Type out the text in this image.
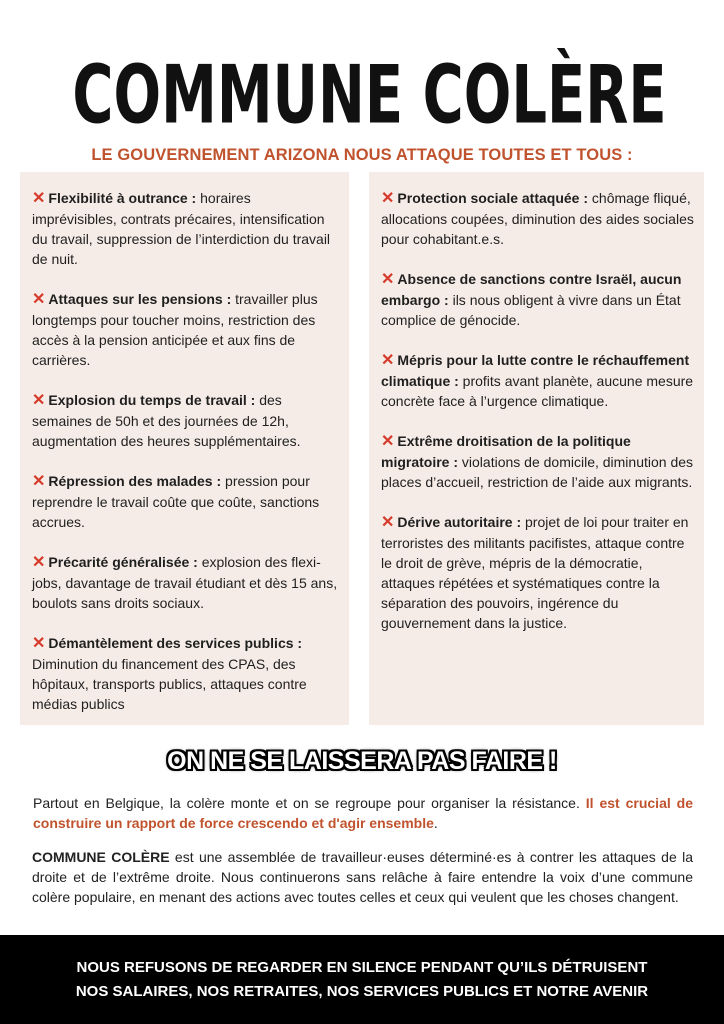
COMMUNE COLÈRE
LE GOUVERNEMENT ARIZONA NOUS ATTAQUE TOUTES ET TOUS :
✕ Flexibilité à outrance : horaires imprévisibles, contrats précaires, intensification du travail, suppression de l’interdiction du travail de nuit.
✕ Attaques sur les pensions : travailler plus longtemps pour toucher moins, restriction des accès à la pension anticipée et aux fins de carrières.
✕ Explosion du temps de travail : des semaines de 50h et des journées de 12h, augmentation des heures supplémentaires.
✕ Répression des malades : pression pour reprendre le travail coûte que coûte, sanctions accrues.
✕ Précarité généralisée : explosion des flexi-jobs, davantage de travail étudiant et dès 15 ans, boulots sans droits sociaux.
✕ Démantèlement des services publics : Diminution du financement des CPAS, des hôpitaux, transports publics, attaques contre médias publics
✕ Protection sociale attaquée : chômage fliqué, allocations coupées, diminution des aides sociales pour cohabitant.e.s.
✕ Absence de sanctions contre Israël, aucun embargo : ils nous obligent à vivre dans un État complice de génocide.
✕ Mépris pour la lutte contre le réchauffement climatique : profits avant planète, aucune mesure concrète face à l’urgence climatique.
✕ Extrême droitisation de la politique migratoire : violations de domicile, diminution des places d’accueil, restriction de l’aide aux migrants.
✕ Dérive autoritaire : projet de loi pour traiter en terroristes des militants pacifistes, attaque contre le droit de grève, mépris de la démocratie, attaques répétées et systématiques contre la séparation des pouvoirs, ingérence du gouvernement dans la justice.
ON NE SE LAISSERA PAS FAIRE !
Partout en Belgique, la colère monte et on se regroupe pour organiser la résistance. Il est crucial de construire un rapport de force crescendo et d'agir ensemble.
COMMUNE COLÈRE est une assemblée de travailleur·euses déterminé·es à contrer les attaques de la droite et de l’extrême droite. Nous continuerons sans relâche à faire entendre la voix d’une commune colère populaire, en menant des actions avec toutes celles et ceux qui veulent que les choses changent.
NOUS REFUSONS DE REGARDER EN SILENCE PENDANT QU’ILS DÉTRUISENT
NOS SALAIRES, NOS RETRAITES, NOS SERVICES PUBLICS ET NOTRE AVENIR
